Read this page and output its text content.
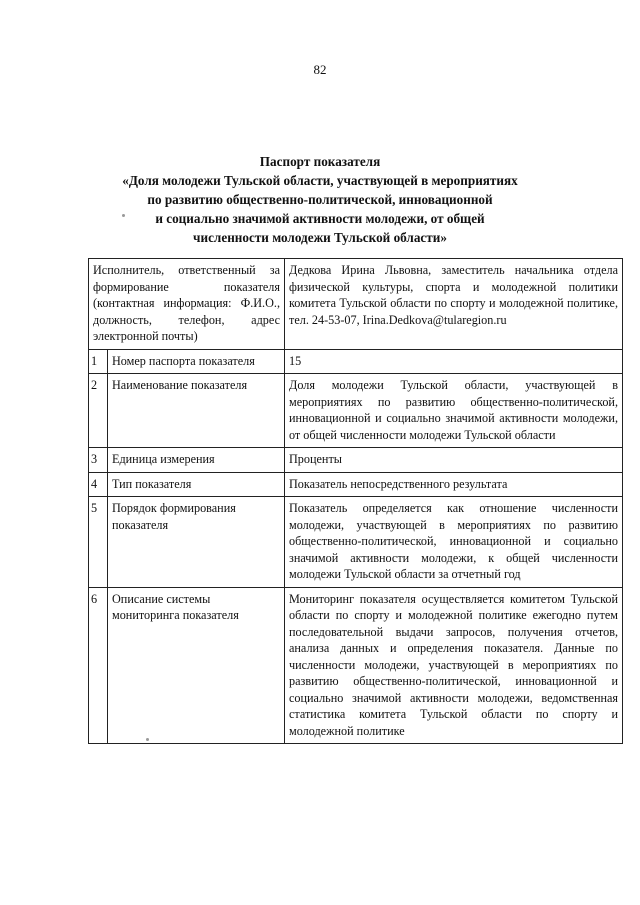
82
Паспорт показателя
«Доля молодежи Тульской области, участвующей в мероприятиях
по развитию общественно-политической, инновационной
и социально значимой активности молодежи, от общей
численности молодежи Тульской области»
Исполнитель, ответственный за формирование показателя (контактная информация: Ф.И.О., должность, телефон, адрес электронной почты)		Дедкова Ирина Львовна, заместитель начальника отдела физической культуры, спорта и молодежной политики комитета Тульской области по спорту и молодежной политике, тел. 24-53-07, Irina.Dedkova@tularegion.ru
1	Номер паспорта показателя	15
2	Наименование показателя	Доля молодежи Тульской области, участвующей в мероприятиях по развитию общественно-политической, инновационной и социально значимой активности молодежи, от общей численности молодежи Тульской области
3	Единица измерения	Проценты
4	Тип показателя	Показатель непосредственного результата
5	Порядок формирования показателя	Показатель определяется как отношение численности молодежи, участвующей в мероприятиях по развитию общественно-политической, инновационной и социально значимой активности молодежи, к общей численности молодежи Тульской области за отчетный год
6	Описание системы мониторинга показателя	Мониторинг показателя осуществляется комитетом Тульской области по спорту и молодежной политике ежегодно путем последовательной выдачи запросов, получения отчетов, анализа данных и определения показателя. Данные по численности молодежи, участвующей в мероприятиях по развитию общественно-политической, инновационной и социально значимой активности молодежи, ведомственная статистика комитета Тульской области по спорту и молодежной политике
